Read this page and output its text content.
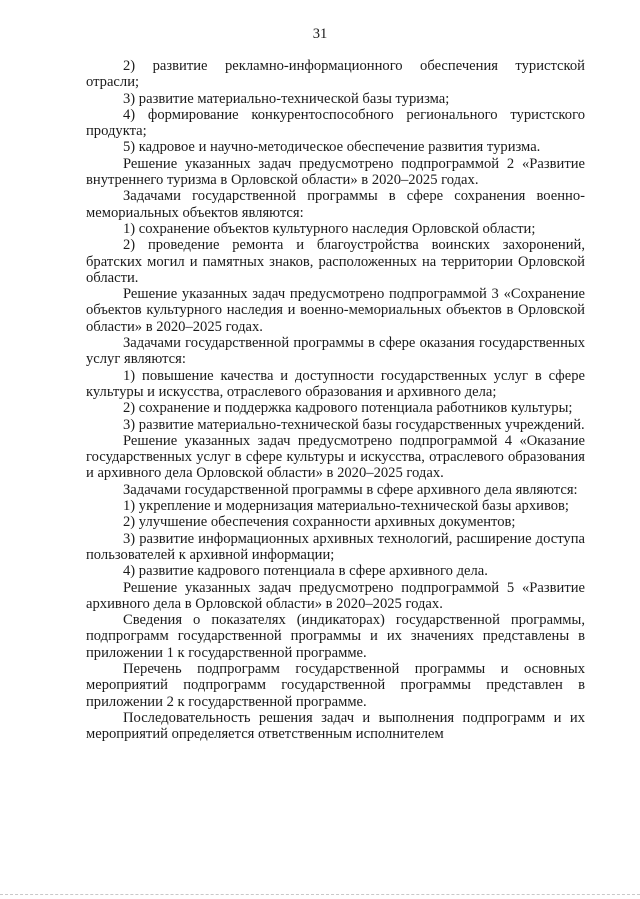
31

2) развитие рекламно-информационного обеспечения туристской отрасли;

3) развитие материально-технической базы туризма;

4) формирование конкурентоспособного регионального туристского продукта;

5) кадровое и научно-методическое обеспечение развития туризма.

Решение указанных задач предусмотрено подпрограммой 2 «Развитие внутреннего туризма в Орловской области» в 2020–2025 годах.

Задачами государственной программы в сфере сохранения военно-мемориальных объектов являются:

1) сохранение объектов культурного наследия Орловской области;

2) проведение ремонта и благоустройства воинских захоронений, братских могил и памятных знаков, расположенных на территории Орловской области.

Решение указанных задач предусмотрено подпрограммой 3 «Сохранение объектов культурного наследия и военно-мемориальных объектов в Орловской области» в 2020–2025 годах.

Задачами государственной программы в сфере оказания государственных услуг являются:

1) повышение качества и доступности государственных услуг в сфере культуры и искусства, отраслевого образования и архивного дела;

2) сохранение и поддержка кадрового потенциала работников культуры;

3) развитие материально-технической базы государственных учреждений.

Решение указанных задач предусмотрено подпрограммой 4 «Оказание государственных услуг в сфере культуры и искусства, отраслевого образования и архивного дела Орловской области» в 2020–2025 годах.

Задачами государственной программы в сфере архивного дела являются:

1) укрепление и модернизация материально-технической базы архивов;

2) улучшение обеспечения сохранности архивных документов;

3) развитие информационных архивных технологий, расширение доступа пользователей к архивной информации;

4) развитие кадрового потенциала в сфере архивного дела.

Решение указанных задач предусмотрено подпрограммой 5 «Развитие архивного дела в Орловской области» в 2020–2025 годах.

Сведения о показателях (индикаторах) государственной программы, подпрограмм государственной программы и их значениях представлены в приложении 1 к государственной программе.

Перечень подпрограмм государственной программы и основных мероприятий подпрограмм государственной программы представлен в приложении 2 к государственной программе.

Последовательность решения задач и выполнения подпрограмм и их мероприятий определяется ответственным исполнителем
